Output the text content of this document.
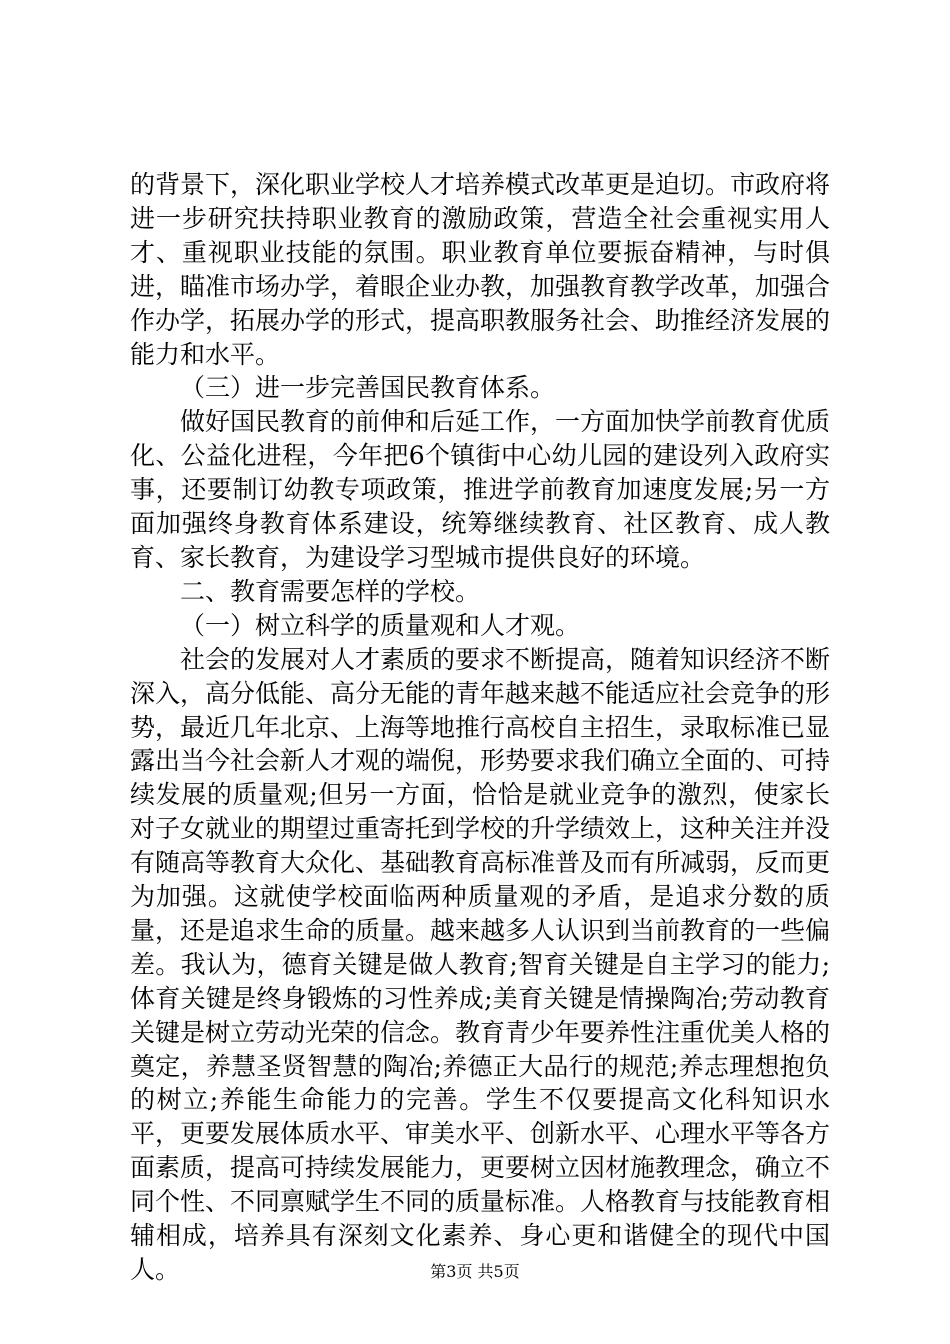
的背景下，深化职业学校人才培养模式改革更是迫切。市政府将进一步研究扶持职业教育的激励政策，营造全社会重视实用人才、重视职业技能的氛围。职业教育单位要振奋精神，与时俱进，瞄准市场办学，着眼企业办教，加强教育教学改革，加强合作办学，拓展办学的形式，提高职教服务社会、助推经济发展的能力和水平。

（三）进一步完善国民教育体系。

做好国民教育的前伸和后延工作，一方面加快学前教育优质化、公益化进程，今年把6个镇街中心幼儿园的建设列入政府实事，还要制订幼教专项政策，推进学前教育加速度发展;另一方面加强终身教育体系建设，统筹继续教育、社区教育、成人教育、家长教育，为建设学习型城市提供良好的环境。

二、教育需要怎样的学校。

（一）树立科学的质量观和人才观。

社会的发展对人才素质的要求不断提高，随着知识经济不断深入，高分低能、高分无能的青年越来越不能适应社会竞争的形势，最近几年北京、上海等地推行高校自主招生，录取标准已显露出当今社会新人才观的端倪，形势要求我们确立全面的、可持续发展的质量观;但另一方面，恰恰是就业竞争的激烈，使家长对子女就业的期望过重寄托到学校的升学绩效上，这种关注并没有随高等教育大众化、基础教育高标准普及而有所减弱，反而更为加强。这就使学校面临两种质量观的矛盾，是追求分数的质量，还是追求生命的质量。越来越多人认识到当前教育的一些偏差。我认为，德育关键是做人教育;智育关键是自主学习的能力;体育关键是终身锻炼的习性养成;美育关键是情操陶冶;劳动教育关键是树立劳动光荣的信念。教育青少年要养性注重优美人格的奠定，养慧圣贤智慧的陶冶;养德正大品行的规范;养志理想抱负的树立;养能生命能力的完善。学生不仅要提高文化科知识水平，更要发展体质水平、审美水平、创新水平、心理水平等各方面素质，提高可持续发展能力，更要树立因材施教理念，确立不同个性、不同禀赋学生不同的质量标准。人格教育与技能教育相辅相成，培养具有深刻文化素养、身心更和谐健全的现代中国人。	第3页 共5页
